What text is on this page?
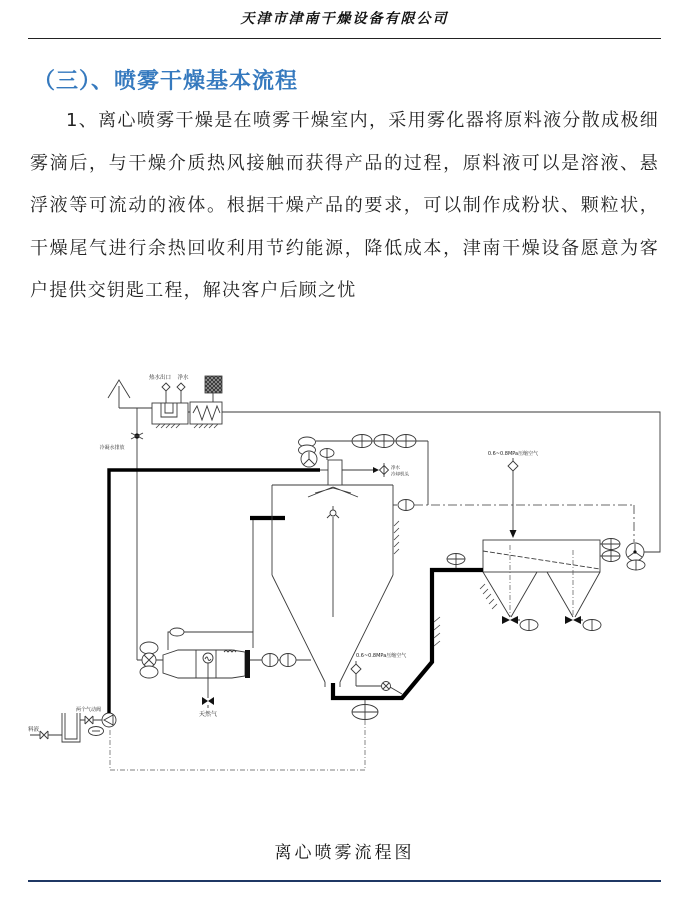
天津市津南干燥设备有限公司
（三）、喷雾干燥基本流程
1、离心喷雾干燥是在喷雾干燥室内，采用雾化器将原料液分散成极细雾滴后，与干燥介质热风接触而获得产品的过程，原料液可以是溶液、悬浮液等可流动的液体。根据干燥产品的要求，可以制作成粉状、颗粒状，干燥尾气进行余热回收利用节约能源，降低成本，津南干燥设备愿意为客户提供交钥匙工程，解决客户后顾之忧
热水出口 净水
冷凝水排放
天然气
净水
冷却机头
0.6~0.8MPa压缩空气
0.6~0.8MPa压缩空气
料液
两个气动阀
离心喷雾流程图
